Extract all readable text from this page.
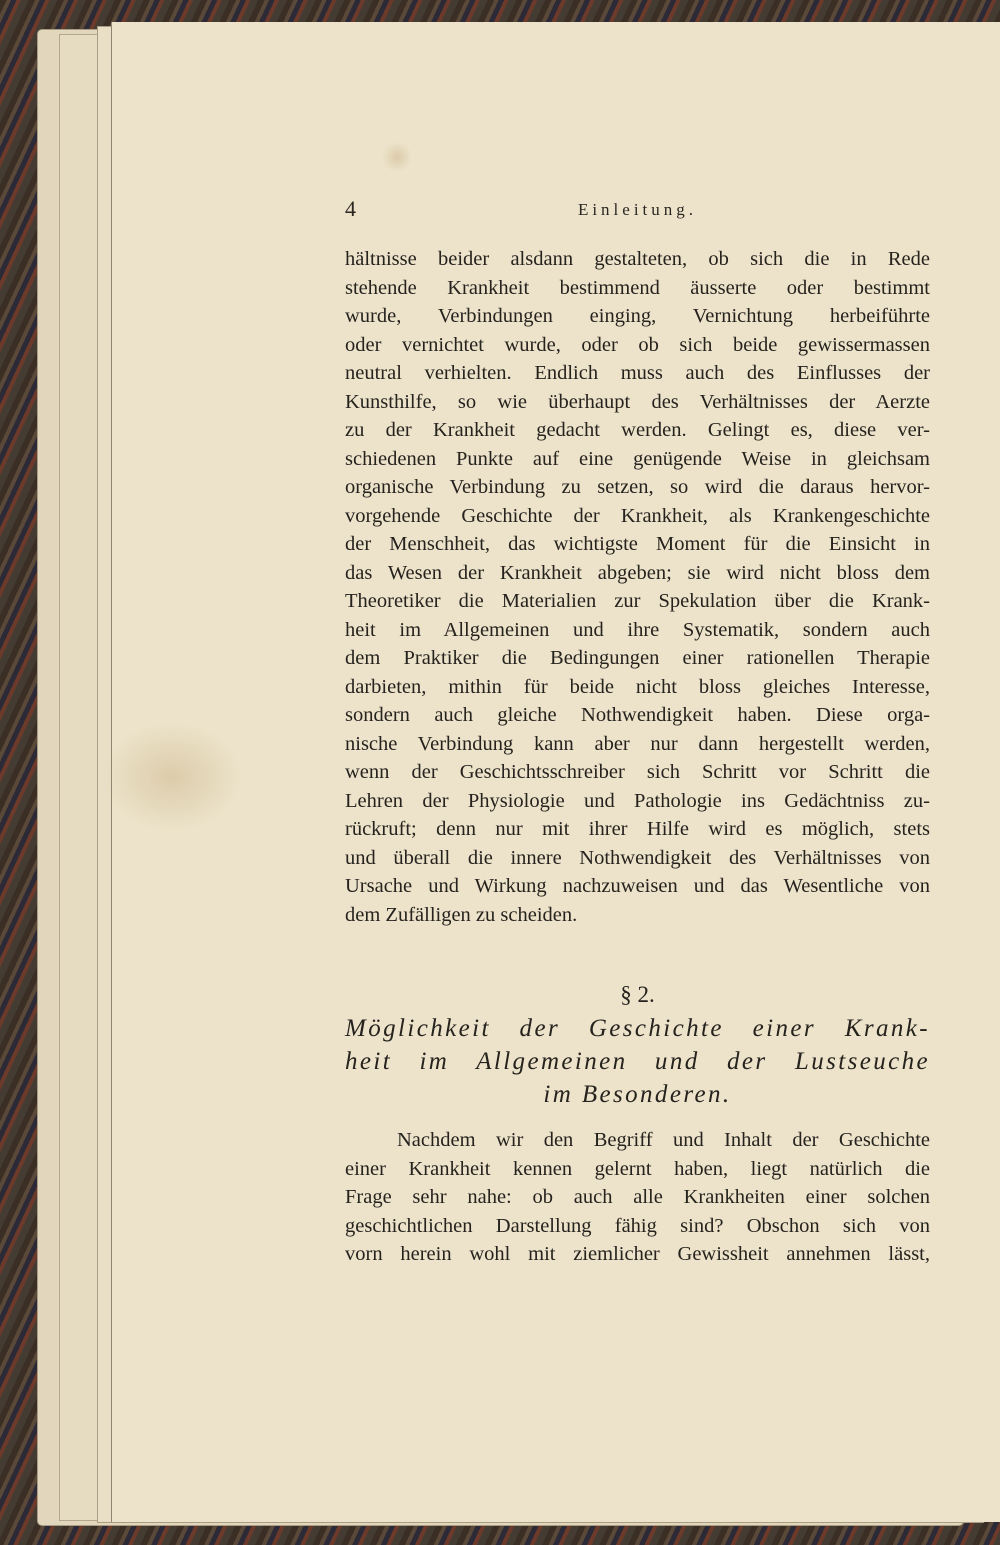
4	Einleitung.
hältnisse beider alsdann gestalteten, ob sich die in Rede
stehende Krankheit bestimmend äusserte oder bestimmt
wurde, Verbindungen einging, Vernichtung herbeiführte
oder vernichtet wurde, oder ob sich beide gewissermassen
neutral verhielten. Endlich muss auch des Einflusses der
Kunsthilfe, so wie überhaupt des Verhältnisses der Aerzte
zu der Krankheit gedacht werden. Gelingt es, diese ver-
schiedenen Punkte auf eine genügende Weise in gleichsam
organische Verbindung zu setzen, so wird die daraus hervor-
vorgehende Geschichte der Krankheit, als Krankengeschichte
der Menschheit, das wichtigste Moment für die Einsicht in
das Wesen der Krankheit abgeben; sie wird nicht bloss dem
Theoretiker die Materialien zur Spekulation über die Krank-
heit im Allgemeinen und ihre Systematik, sondern auch
dem Praktiker die Bedingungen einer rationellen Therapie
darbieten, mithin für beide nicht bloss gleiches Interesse,
sondern auch gleiche Nothwendigkeit haben. Diese orga-
nische Verbindung kann aber nur dann hergestellt werden,
wenn der Geschichtsschreiber sich Schritt vor Schritt die
Lehren der Physiologie und Pathologie ins Gedächtniss zu-
rückruft; denn nur mit ihrer Hilfe wird es möglich, stets
und überall die innere Nothwendigkeit des Verhältnisses von
Ursache und Wirkung nachzuweisen und das Wesentliche von
dem Zufälligen zu scheiden.
§ 2.
Möglichkeit der Geschichte einer Krank-
heit im Allgemeinen und der Lustseuche
im Besonderen.
Nachdem wir den Begriff und Inhalt der Geschichte
einer Krankheit kennen gelernt haben, liegt natürlich die
Frage sehr nahe: ob auch alle Krankheiten einer solchen
geschichtlichen Darstellung fähig sind? Obschon sich von
vorn herein wohl mit ziemlicher Gewissheit annehmen lässt,
